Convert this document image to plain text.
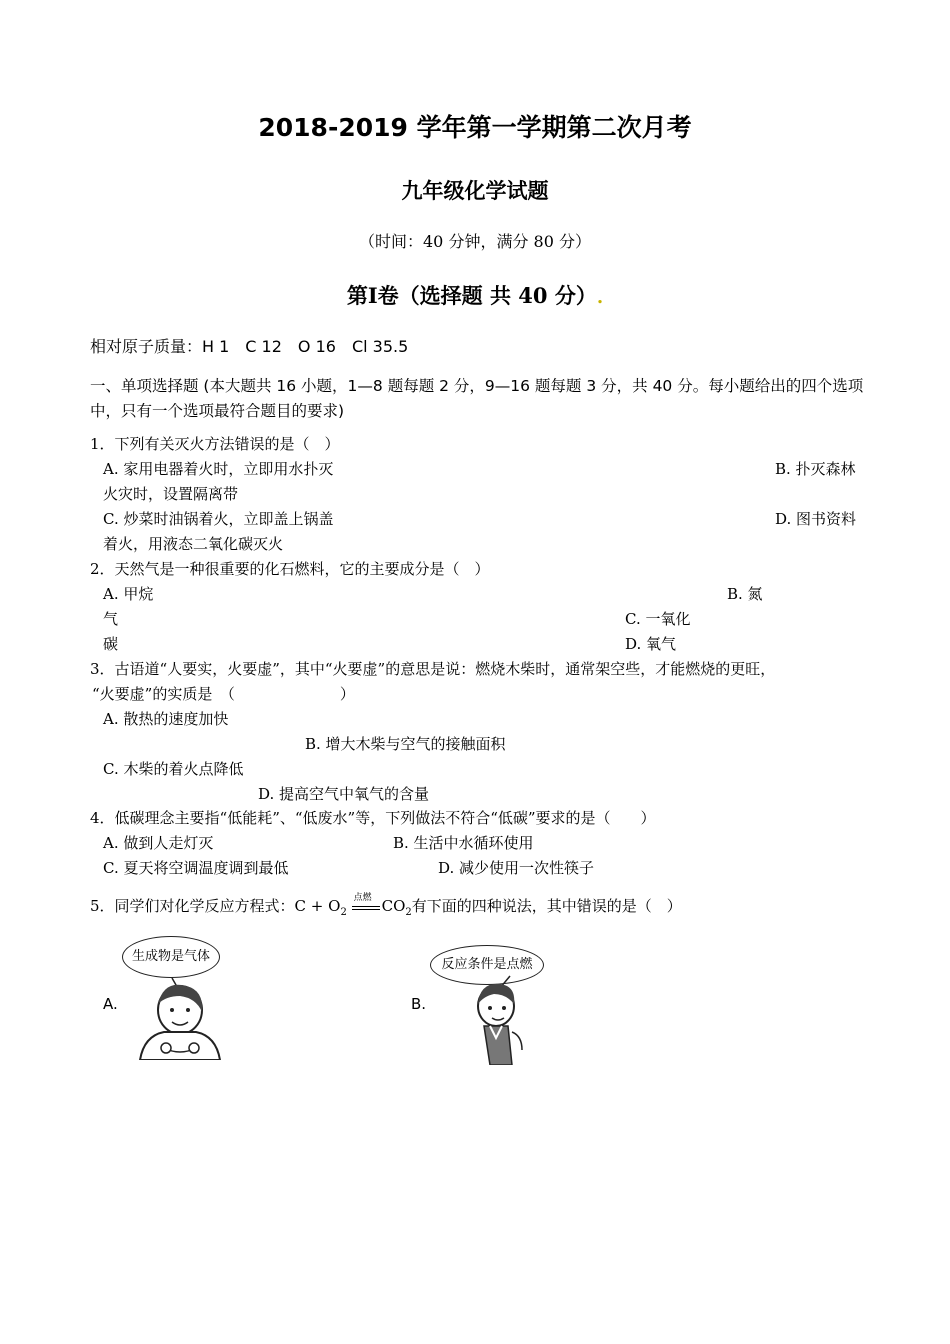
2018-2019 学年第一学期第二次月考
九年级化学试题
（时间：40 分钟，满分 80 分）
第Ⅰ卷（选择题 共 40 分）.
相对原子质量：H 1　C 12　O 16　Cl 35.5
一、单项选择题 (本大题共 16 小题，1—8 题每题 2 分，9—16 题每题 3 分，共 40 分。每小题给出的四个选项中，只有一个选项最符合题目的要求)
1．下列有关灭火方法错误的是（　）
A. 家用电器着火时，立即用水扑灭	B. 扑灭森林
火灾时，设置隔离带
C. 炒菜时油锅着火，立即盖上锅盖	D. 图书资料
着火，用液态二氧化碳灭火
2．天然气是一种很重要的化石燃料，它的主要成分是（　）
A. 甲烷	B. 氮
气	C. 一氧化
碳	D. 氧气
3．古语道“人要实，火要虚”，其中“火要虚”的意思是说：燃烧木柴时，通常架空些，才能燃烧的更旺，
“火要虚”的实质是　（　　　　　　　）
A. 散热的速度加快
B. 增大木柴与空气的接触面积
C. 木柴的着火点降低
D. 提高空气中氧气的含量
4．低碳理念主要指“低能耗”、“低废水”等，下列做法不符合“低碳”要求的是（　　）
A. 做到人走灯灭	B. 生活中水循环使用
C. 夏天将空调温度调到最低	D. 减少使用一次性筷子
5．同学们对化学反应方程式：$C + O_2$
点燃 $CO_2$有下面的四种说法，其中错误的是（　）
A.
生成物是气体
B.
反应条件是点燃
